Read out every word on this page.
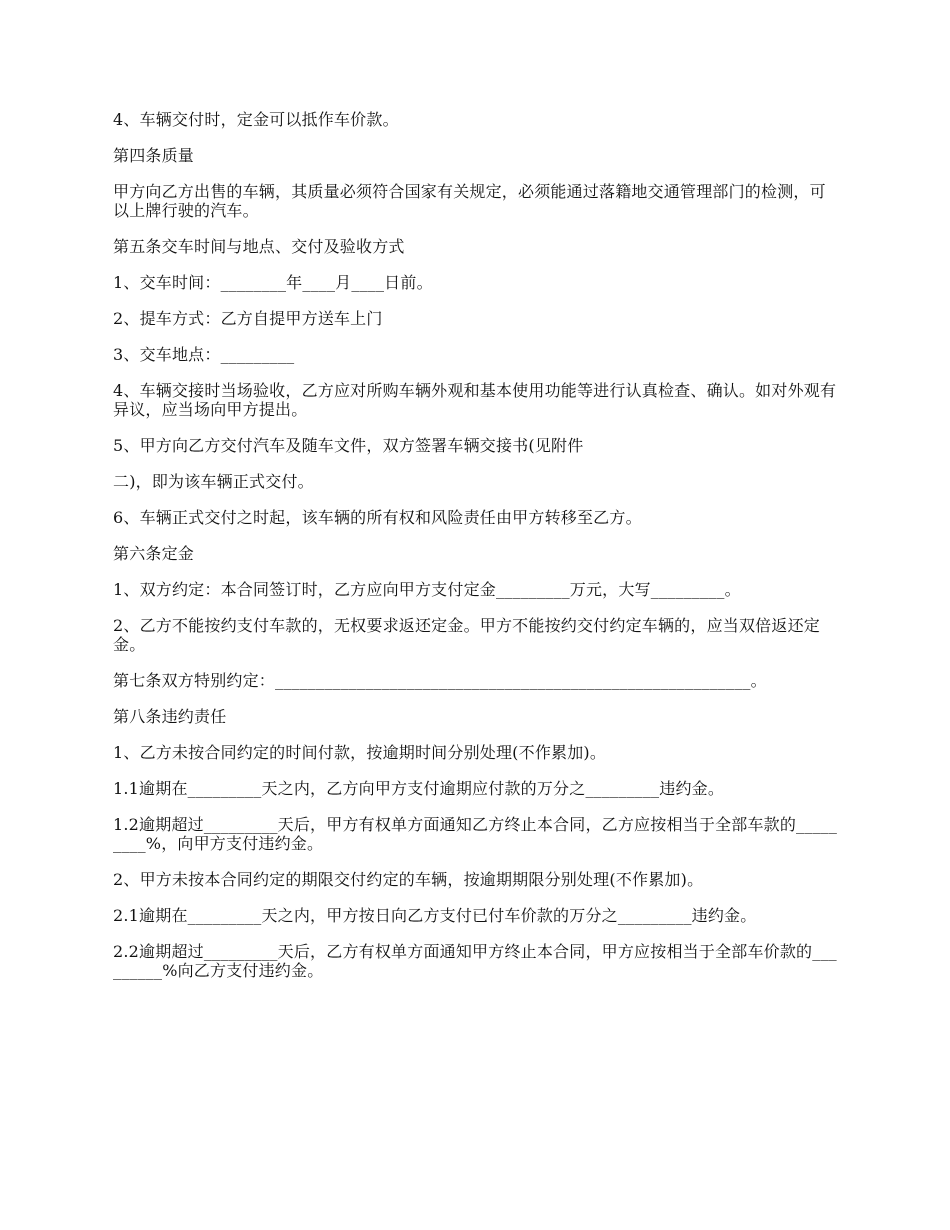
4、车辆交付时，定金可以抵作车价款。

第四条质量

甲方向乙方出售的车辆，其质量必须符合国家有关规定，必须能通过落籍地交通管理部门的检测，可以上牌行驶的汽车。

第五条交车时间与地点、交付及验收方式

1、交车时间：________年____月____日前。

2、提车方式：乙方自提甲方送车上门

3、交车地点：_________

4、车辆交接时当场验收，乙方应对所购车辆外观和基本使用功能等进行认真检查、确认。如对外观有异议，应当场向甲方提出。

5、甲方向乙方交付汽车及随车文件，双方签署车辆交接书(见附件

二)，即为该车辆正式交付。

6、车辆正式交付之时起，该车辆的所有权和风险责任由甲方转移至乙方。

第六条定金

1、双方约定：本合同签订时，乙方应向甲方支付定金_________万元，大写_________。

2、乙方不能按约支付车款的，无权要求返还定金。甲方不能按约交付约定车辆的，应当双倍返还定金。

第七条双方特别约定：__________________________________________________________。

第八条违约责任

1、乙方未按合同约定的时间付款，按逾期时间分别处理(不作累加)。

1.1逾期在_________天之内，乙方向甲方支付逾期应付款的万分之_________违约金。

1.2逾期超过_________天后，甲方有权单方面通知乙方终止本合同，乙方应按相当于全部车款的_________%，向甲方支付违约金。

2、甲方未按本合同约定的期限交付约定的车辆，按逾期期限分别处理(不作累加)。

2.1逾期在_________天之内，甲方按日向乙方支付已付车价款的万分之_________违约金。

2.2逾期超过_________天后，乙方有权单方面通知甲方终止本合同，甲方应按相当于全部车价款的_________%向乙方支付违约金。
